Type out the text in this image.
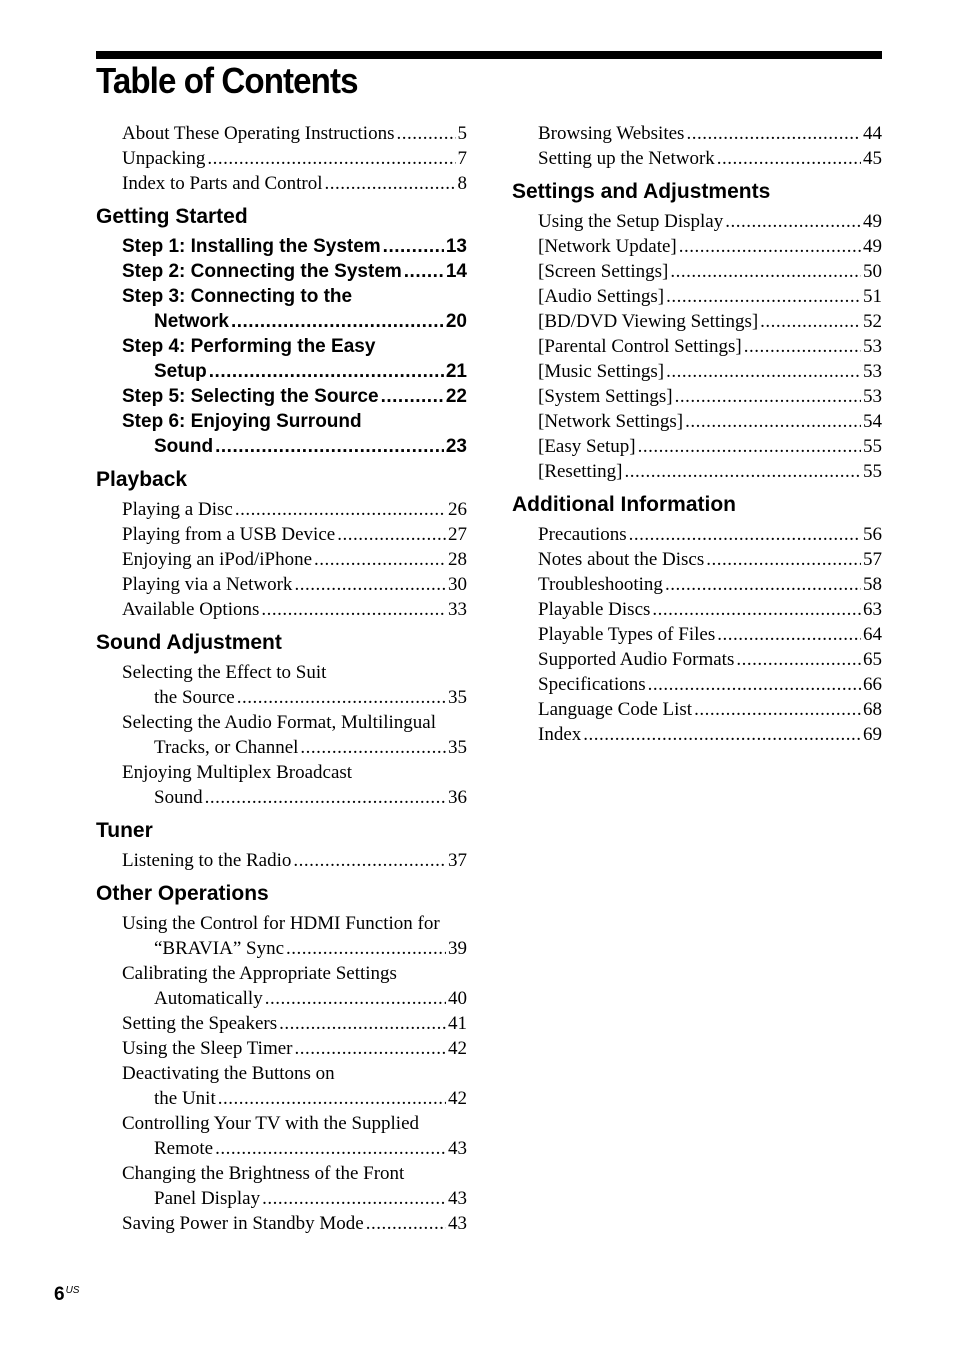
Table of Contents
About These Operating Instructions .....	5
Unpacking .....	7
Index to Parts and Control .....	8
Getting Started
Step 1: Installing the System .....	13
Step 2: Connecting the System ..... 14
Step 3: Connecting to the
Network .....	20
Step 4: Performing the Easy
Setup .....	21
Step 5: Selecting the Source .....	22
Step 6: Enjoying Surround
Sound .....	23
Playback
Playing a Disc .....	26
Playing from a USB Device .....	27
Enjoying an iPod/iPhone .....	28
Playing via a Network .....	30
Available Options .....	33
Sound Adjustment
Selecting the Effect to Suit
the Source .....	35
Selecting the Audio Format, Multilingual
Tracks, or Channel .....	35
Enjoying Multiplex Broadcast
Sound .....	36
Tuner
Listening to the Radio .....	37
Other Operations
Using the Control for HDMI Function for
“BRAVIA” Sync .....	39
Calibrating the Appropriate Settings
Automatically .....	40
Setting the Speakers .....	41
Using the Sleep Timer .....	42
Deactivating the Buttons on
the Unit .....	42
Controlling Your TV with the Supplied
Remote .....	43
Changing the Brightness of the Front
Panel Display .....	43
Saving Power in Standby Mode .....	43
Browsing Websites .....	44
Setting up the Network .....	45
Settings and Adjustments
Using the Setup Display .....	49
[Network Update] .....	49
[Screen Settings] .....	50
[Audio Settings] .....	51
[BD/DVD Viewing Settings] .....	52
[Parental Control Settings] .....	53
[Music Settings] .....	53
[System Settings] .....	53
[Network Settings] .....	54
[Easy Setup] .....	55
[Resetting] .....	55
Additional Information
Precautions .....	56
Notes about the Discs .....	57
Troubleshooting .....	58
Playable Discs .....	63
Playable Types of Files .....	64
Supported Audio Formats .....	65
Specifications .....	66
Language Code List .....	68
Index .....	69
$6^{US}$
